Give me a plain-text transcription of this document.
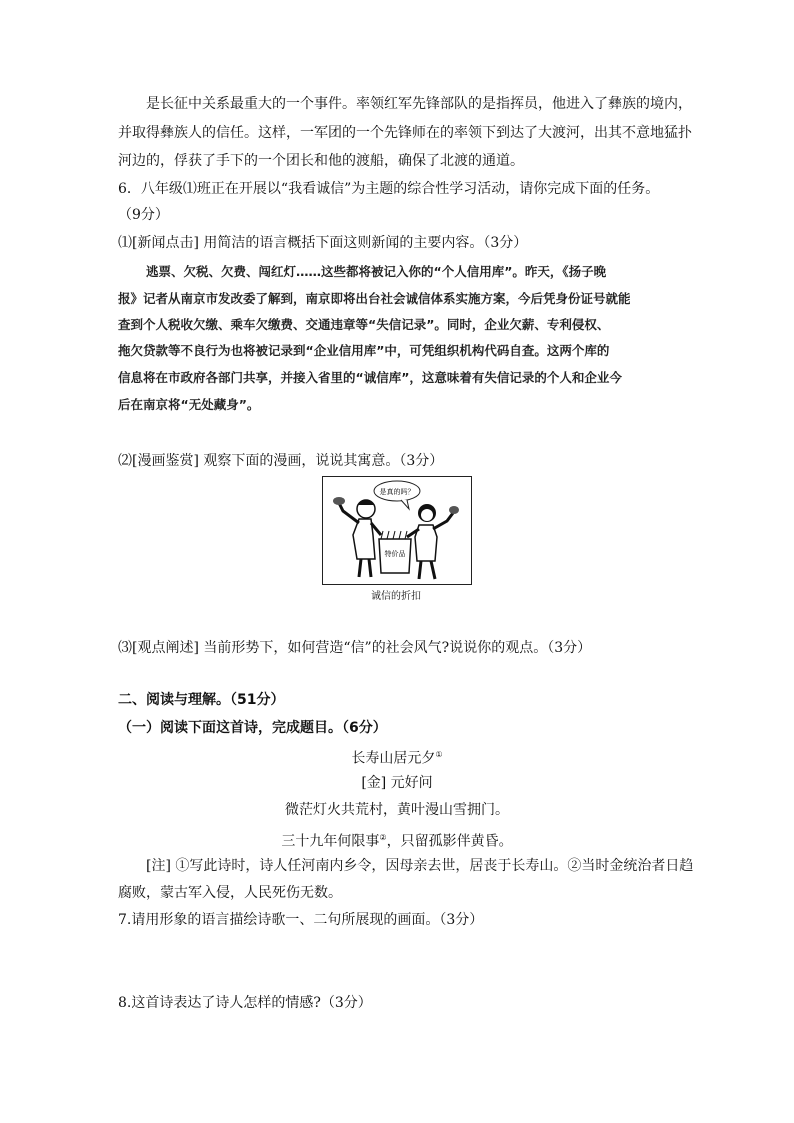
是长征中关系最重大的一个事件。率领红军先锋部队的是指挥员，他进入了彝族的境内，
并取得彝族人的信任。这样，一军团的一个先锋师在的率领下到达了大渡河，出其不意地猛扑
河边的，俘获了手下的一个团长和他的渡船，确保了北渡的通道。
6．八年级⑴班正在开展以“我看诚信”为主题的综合性学习活动，请你完成下面的任务。
（9分）
⑴[新闻点击] 用简洁的语言概括下面这则新闻的主要内容。（3分）
逃票、欠税、欠费、闯红灯……这些都将被记入你的“个人信用库”。昨天，《扬子晚
报》记者从南京市发改委了解到，南京即将出台社会诚信体系实施方案，今后凭身份证号就能
查到个人税收欠缴、乘车欠缴费、交通违章等“失信记录”。同时，企业欠薪、专利侵权、
拖欠贷款等不良行为也将被记录到“企业信用库”中，可凭组织机构代码自查。这两个库的
信息将在市政府各部门共享，并接入省里的“诚信库”，这意味着有失信记录的个人和企业今
后在南京将“无处藏身”。
⑵[漫画鉴赏] 观察下面的漫画，说说其寓意。（3分）
是真的吗？
特价品
诚信的折扣
⑶[观点阐述] 当前形势下，如何营造“信”的社会风气?说说你的观点。（3分）
二、阅读与理解。（51分）
（一）阅读下面这首诗，完成题目。（6分）
长寿山居元夕①
[金] 元好问
微茫灯火共荒村，黄叶漫山雪拥门。
三十九年何限事②，只留孤影伴黄昏。
[注] ①写此诗时，诗人任河南内乡令，因母亲去世，居丧于长寿山。②当时金统治者日趋
腐败，蒙古军入侵，人民死伤无数。
7.请用形象的语言描绘诗歌一、二句所展现的画面。（3分）
8.这首诗表达了诗人怎样的情感?（3分）
